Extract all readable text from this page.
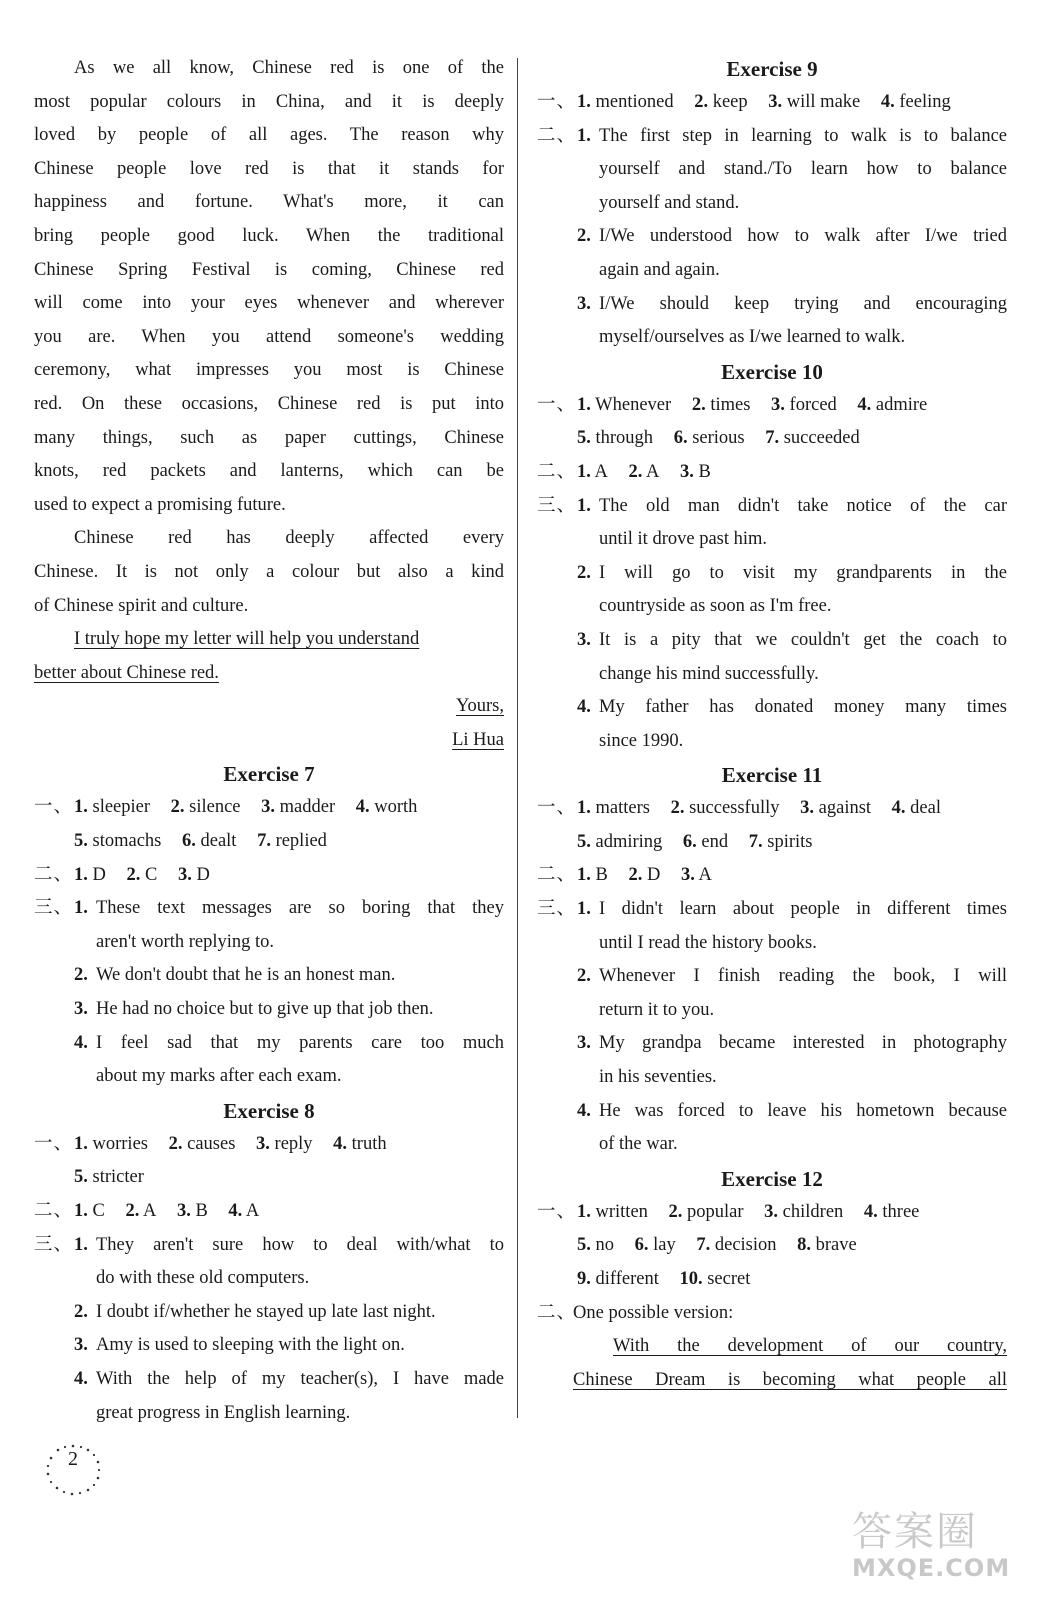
As we all know, Chinese red is one of the
most popular colours in China, and it is deeply
loved by people of all ages. The reason why
Chinese people love red is that it stands for
happiness and fortune. What's more, it can
bring people good luck. When the traditional
Chinese Spring Festival is coming, Chinese red
will come into your eyes whenever and wherever
you are. When you attend someone's wedding
ceremony, what impresses you most is Chinese
red. On these occasions, Chinese red is put into
many things, such as paper cuttings, Chinese
knots, red packets and lanterns, which can be
used to expect a promising future.
Chinese red has deeply affected every
Chinese. It is not only a colour but also a kind
of Chinese spirit and culture.
I truly hope my letter will help you understand
better about Chinese red.
Yours,
Li Hua
Exercise 7
一、 1. sleepier 2. silence 3. madder 4. worth
5. stomachs 6. dealt 7. replied
二、 1. D 2. C 3. D
三、 1. These text messages are so boring that they
aren't worth replying to.
2. We don't doubt that he is an honest man.
3. He had no choice but to give up that job then.
4. I feel sad that my parents care too much
about my marks after each exam.
Exercise 8
一、 1. worries 2. causes 3. reply 4. truth
5. stricter
二、 1. C 2. A 3. B 4. A
三、 1. They aren't sure how to deal with/what to
do with these old computers.
2. I doubt if/whether he stayed up late last night.
3. Amy is used to sleeping with the light on.
4. With the help of my teacher(s), I have made
great progress in English learning.
Exercise 9
一、 1. mentioned 2. keep 3. will make 4. feeling
二、 1. The first step in learning to walk is to balance
yourself and stand./To learn how to balance
yourself and stand.
2. I/We understood how to walk after I/we tried
again and again.
3. I/We should keep trying and encouraging
myself/ourselves as I/we learned to walk.
Exercise 10
一、 1. Whenever 2. times 3. forced 4. admire
5. through 6. serious 7. succeeded
二、 1. A 2. A 3. B
三、 1. The old man didn't take notice of the car
until it drove past him.
2. I will go to visit my grandparents in the
countryside as soon as I'm free.
3. It is a pity that we couldn't get the coach to
change his mind successfully.
4. My father has donated money many times
since 1990.
Exercise 11
一、 1. matters 2. successfully 3. against 4. deal
5. admiring 6. end 7. spirits
二、 1. B 2. D 3. A
三、 1. I didn't learn about people in different times
until I read the history books.
2. Whenever I finish reading the book, I will
return it to you.
3. My grandpa became interested in photography
in his seventies.
4. He was forced to leave his hometown because
of the war.
Exercise 12
一、 1. written 2. popular 3. children 4. three
5. no 6. lay 7. decision 8. brave
9. different 10. secret
二、
One possible version:
With the development of our country,
Chinese Dream is becoming what people all
2
答案圈
MXQE.COM
